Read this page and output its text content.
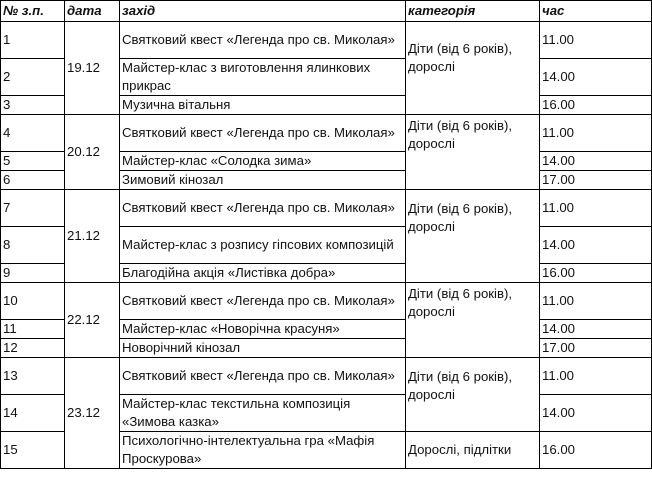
№ з.п.	дата	захід	категорія	час
1	19.12	Святковий квест «Легенда про св. Миколая»	Діти (від 6 років), дорослі	11.00
2		Майстер-клас з виготовлення ялинкових прикрас		14.00
3		Музична вітальня		16.00
4	20.12	Святковий квест «Легенда про св. Миколая»	Діти (від 6 років), дорослі	11.00
5		Майстер-клас «Солодка зима»		14.00
6		Зимовий кінозал		17.00
7	21.12	Святковий квест «Легенда про св. Миколая»	Діти (від 6 років), дорослі	11.00
8		Майстер-клас з розпису гіпсових композицій		14.00
9		Благодійна акція «Листівка добра»		16.00
10	22.12	Святковий квест «Легенда про св. Миколая»	Діти (від 6 років), дорослі	11.00
11		Майстер-клас «Новорічна красуня»		14.00
12		Новорічний кінозал		17.00
13	23.12	Святковий квест «Легенда про св. Миколая»	Діти (від 6 років), дорослі	11.00
14		Майстер-клас текстильна композиція «Зимова казка»		14.00
15		Психологічно-інтелектуальна гра «Мафія Проскурова»	Дорослі, підлітки	16.00
